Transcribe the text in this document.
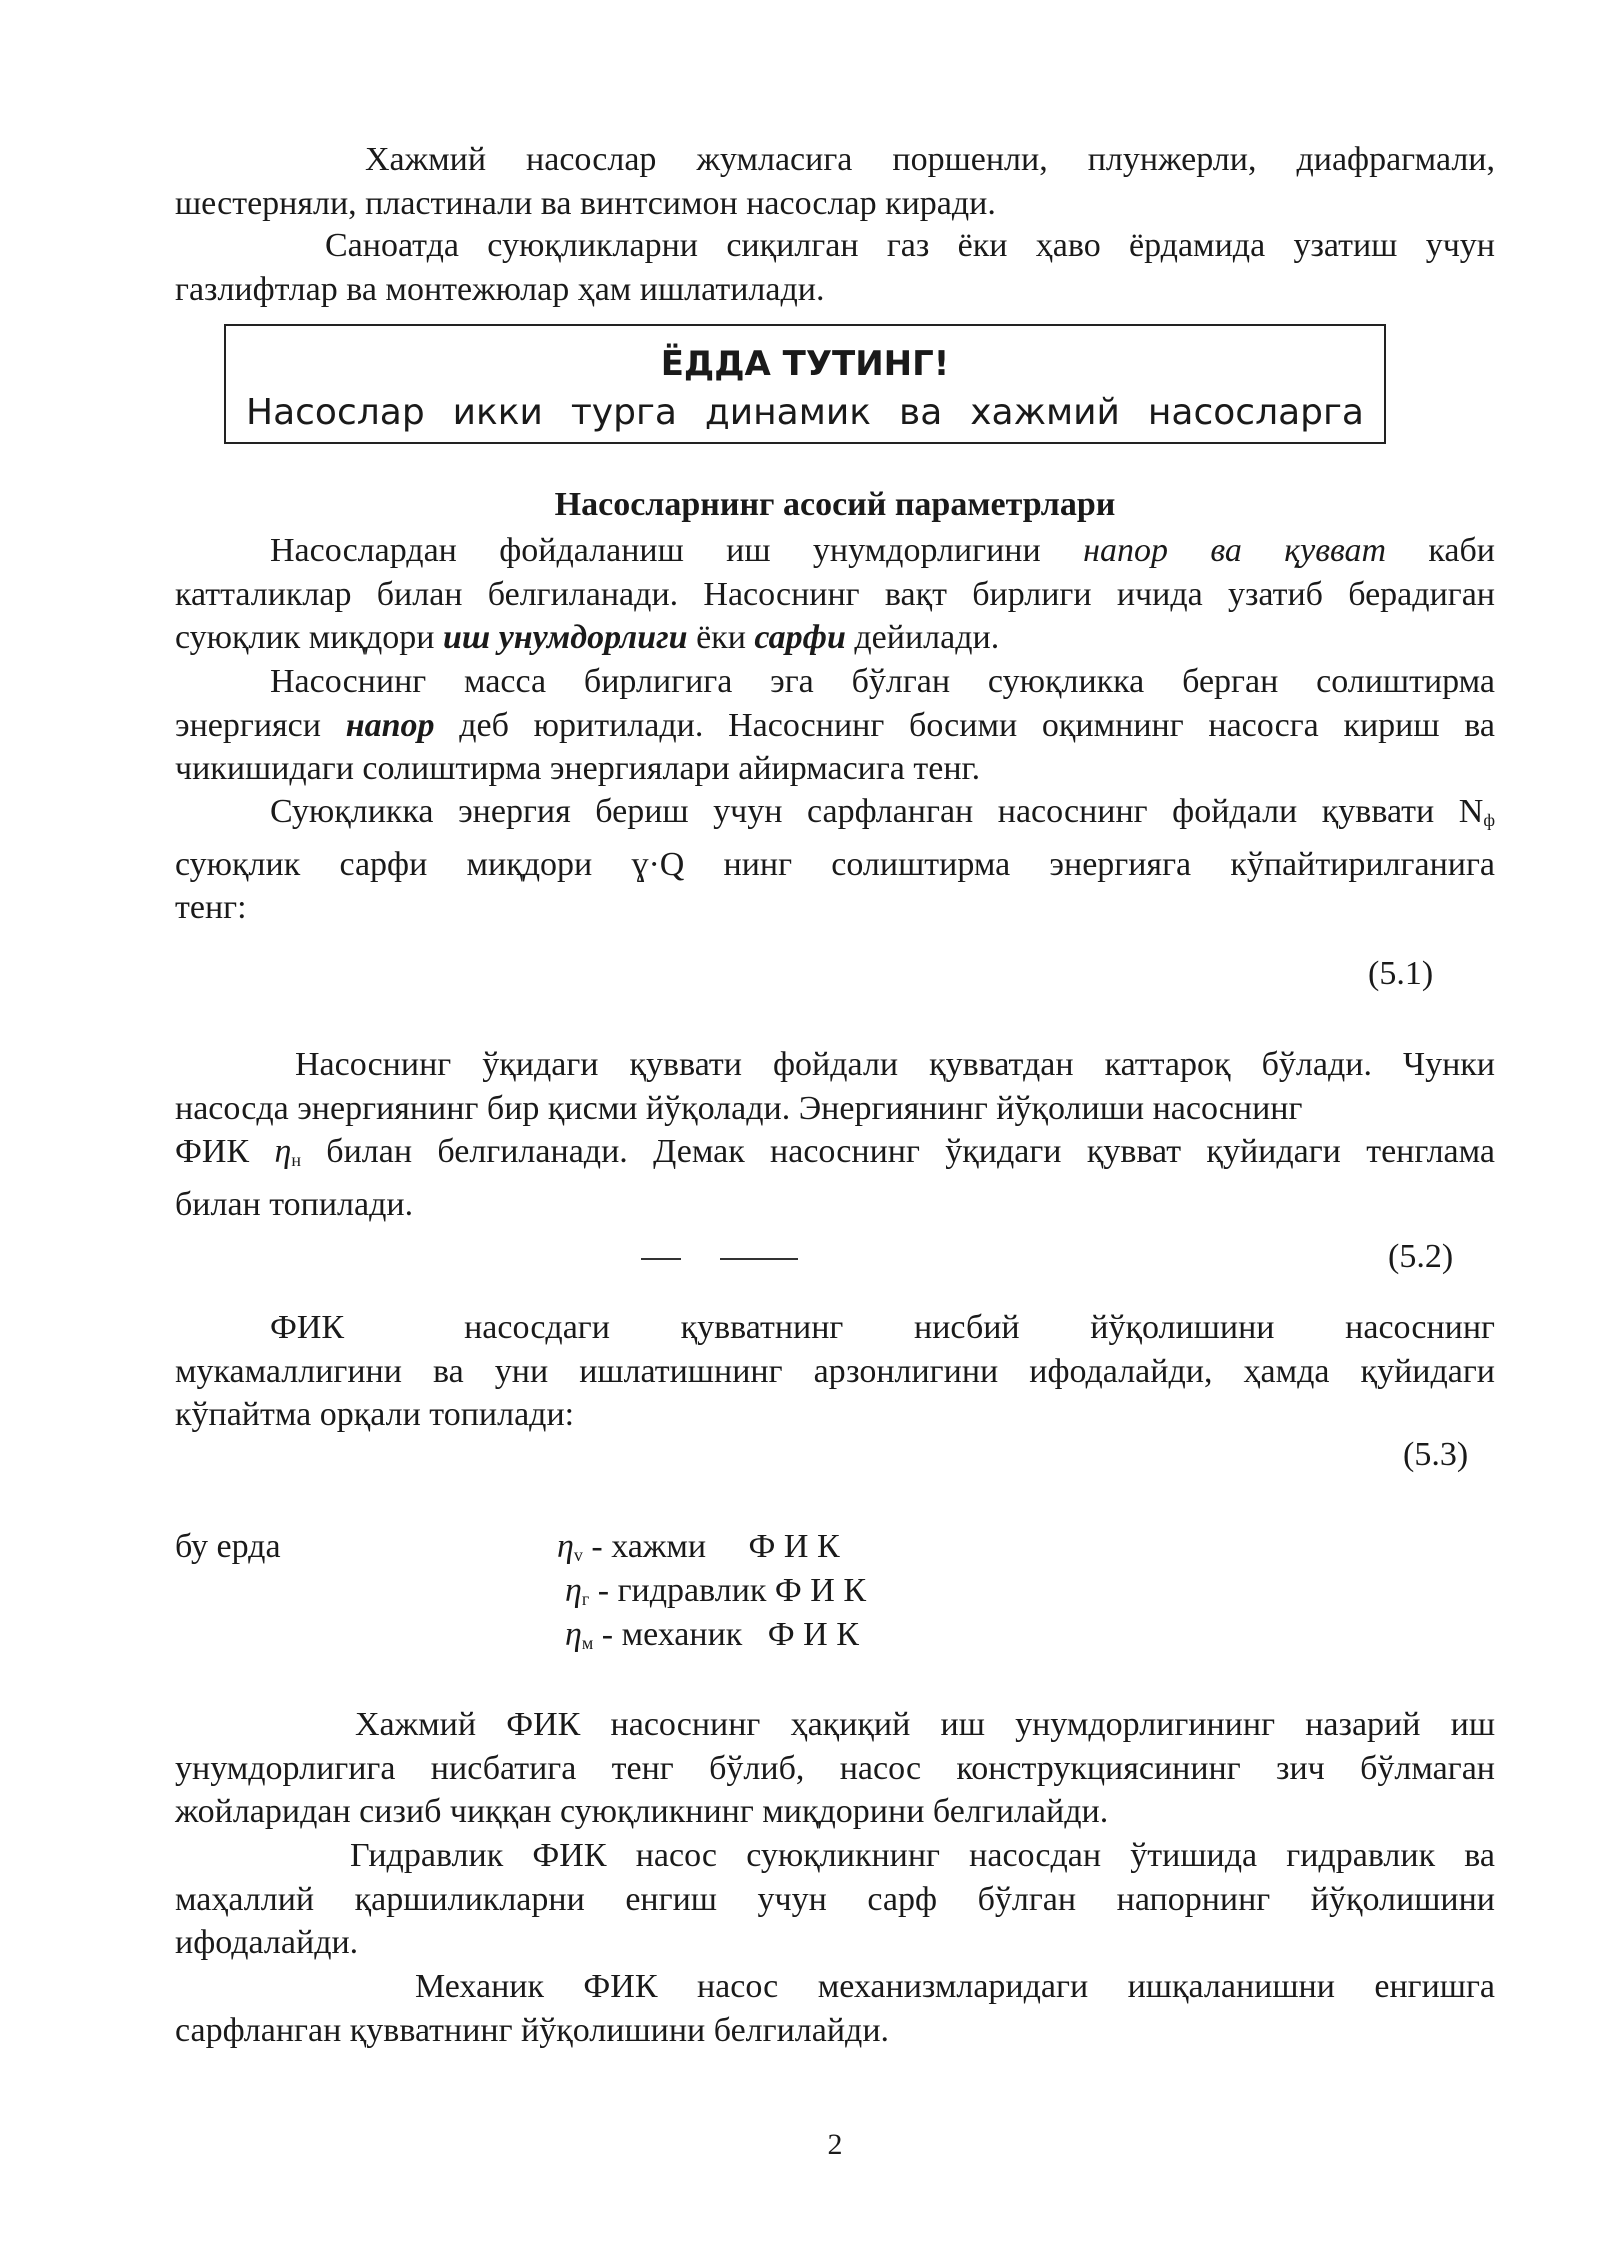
Хажмий насослар жумласига поршенли, плунжерли, диафрагмали,
шестерняли, пластинали ва винтсимон насослар киради.
Саноатда суюқликларни сиқилган газ ёки ҳаво ёрдамида узатиш учун
газлифтлар ва монтежюлар ҳам ишлатилади.
ЁДДА ТУТИНГ!
Насослар икки турга динамик ва хажмий насосларга
Насосларнинг асосий параметрлари
Насослардан фойдаланиш иш унумдорлигини напор ва қувват каби
катталиклар билан белгиланади. Насоснинг вақт бирлиги ичида узатиб берадиган
суюқлик миқдори иш унумдорлиги ёки сарфи дейилади.
Насоснинг масса бирлигига эга бўлган суюқликка берган солиштирма
энергияси напор деб юритилади. Насоснинг босими оқимнинг насосга кириш ва
чикишидаги солиштирма энергиялари айирмасига тенг.
Суюқликка энергия бериш учун сарфланган насоснинг фойдали қуввати $N_ф$
суюқлик сарфи миқдори ɣ·Q нинг солиштирма энергияга кўпайтирилганига
тенг:
(5.1)
Насоснинг ўқидаги қуввати фойдали қувватдан каттароқ бўлади. Чунки
насосда энергиянинг бир қисми йўқолади. Энергиянинг йўқолиши насоснинг
ФИК $\eta_н$ билан белгиланади. Демак насоснинг ўқидаги қувват қуйидаги тенглама
билан топилади.
(5.2)
ФИК	насосдаги қувватнинг нисбий йўқолишини насоснинг
мукамаллигини ва уни ишлатишнинг арзонлигини ифодалайди, ҳамда қуйидаги
кўпайтма орқали топилади:
(5.3)
бу ерда	$\eta_v$ - хажми     Ф И К
$\eta_г$ - гидравлик Ф И К
$\eta_м$ - механик   Ф И К
Хажмий ФИК насоснинг ҳақиқий иш унумдорлигининг назарий иш
унумдорлигига нисбатига тенг бўлиб, насос конструкциясининг зич бўлмаган
жойларидан сизиб чиққан суюқликнинг миқдорини белгилайди.
Гидравлик ФИК насос суюқликнинг насосдан ўтишида гидравлик ва
маҳаллий қаршиликларни енгиш учун сарф бўлган напорнинг йўқолишини
ифодалайди.
Механик ФИК насос механизмларидаги ишқаланишни енгишга
сарфланган қувватнинг йўқолишини белгилайди.
2
